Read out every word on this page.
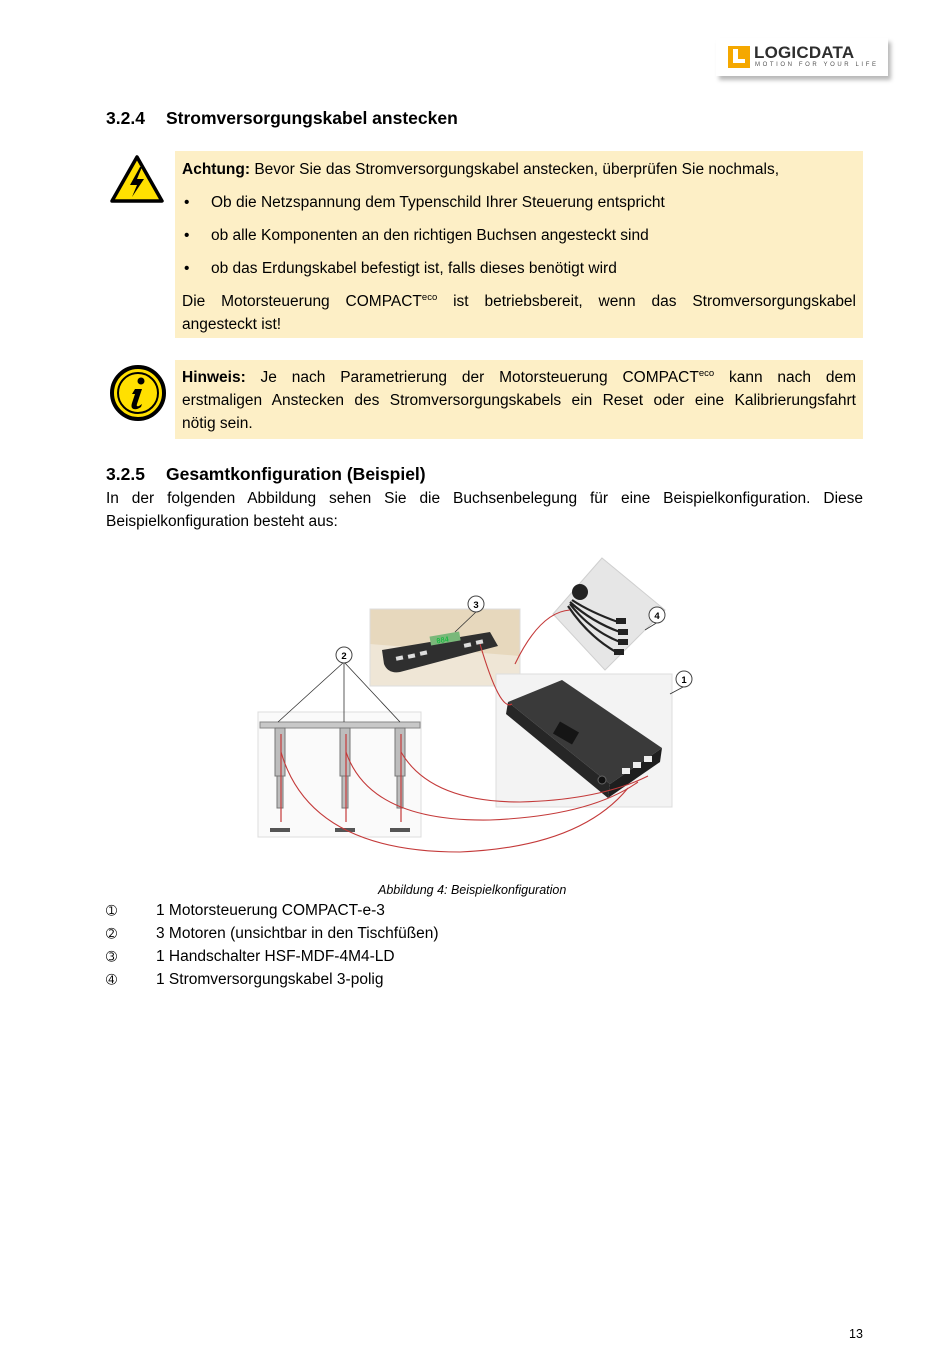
LOGICDATA
MOTION FOR YOUR LIFE
3.2.4 Stromversorgungskabel anstecken

Achtung: Bevor Sie das Stromversorgungskabel anstecken, überprüfen Sie nochmals,

• Ob die Netzspannung dem Typenschild Ihrer Steuerung entspricht

• ob alle Komponenten an den richtigen Buchsen angesteckt sind

• ob das Erdungskabel befestigt ist, falls dieses benötigt wird

Die Motorsteuerung $COMPACT^{eco}$ ist betriebsbereit, wenn das Stromversorgungskabel

angesteckt ist!

Hinweis: Je nach Parametrierung der Motorsteuerung $COMPACT^{eco}$ kann nach dem

erstmaligen Anstecken des Stromversorgungskabels ein Reset oder eine Kalibrierungsfahrt

nötig sein.

3.2.5 Gesamtkonfiguration (Beispiel)
In der folgenden Abbildung sehen Sie die Buchsenbelegung für eine Beispielkonfiguration. Diese
Beispielkonfiguration besteht aus:
084
2
3
4
1
Abbildung 4: Beispielkonfiguration
➀	1 Motorsteuerung COMPACT-e-3
➁	3 Motoren (unsichtbar in den Tischfüßen)
➂	1 Handschalter HSF-MDF-4M4-LD
➃	1 Stromversorgungskabel 3-polig
13
